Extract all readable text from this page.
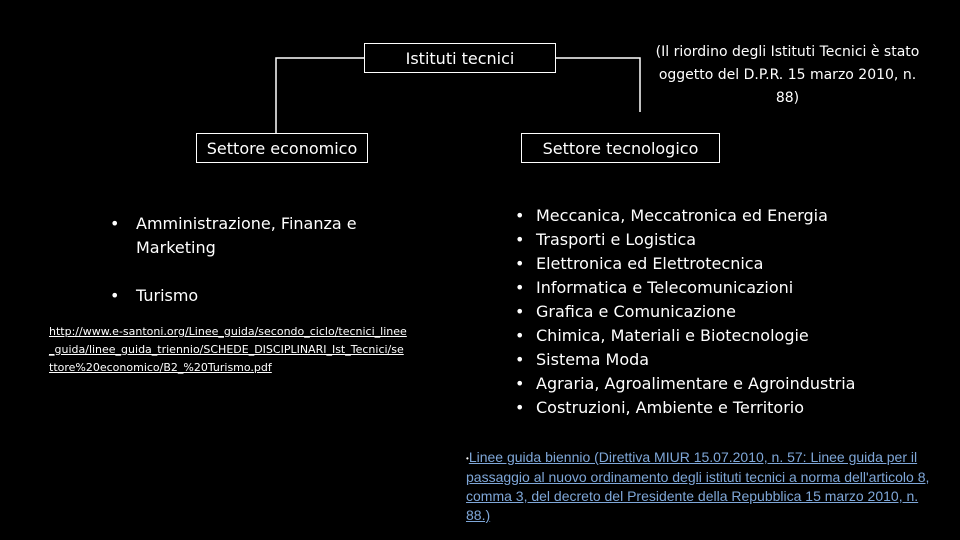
Istituti tecnici	(Il riordino degli Istituti Tecnici è stato oggetto del D.P.R. 15 marzo 2010, n. 88)
Settore economico	Settore tecnologico
• Amministrazione, Finanza e Marketing
• Turismo
http://www.e-santoni.org/Linee_guida/secondo_ciclo/tecnici_linee_guida/linee_guida_triennio/SCHEDE_DISCIPLINARI_Ist_Tecnici/settore%20economico/B2_%20Turismo.pdf
• Meccanica, Meccatronica ed Energia
• Trasporti e Logistica
• Elettronica ed Elettrotecnica
• Informatica e Telecomunicazioni
• Grafica e Comunicazione
• Chimica, Materiali e Biotecnologie
• Sistema Moda
• Agraria, Agroalimentare e Agroindustria
• Costruzioni, Ambiente e Territorio
•Linee guida biennio (Direttiva MIUR 15.07.2010, n. 57: Linee guida per il passaggio al nuovo ordinamento degli istituti tecnici a norma dell'articolo 8, comma 3, del decreto del Presidente della Repubblica 15 marzo 2010, n. 88.)
